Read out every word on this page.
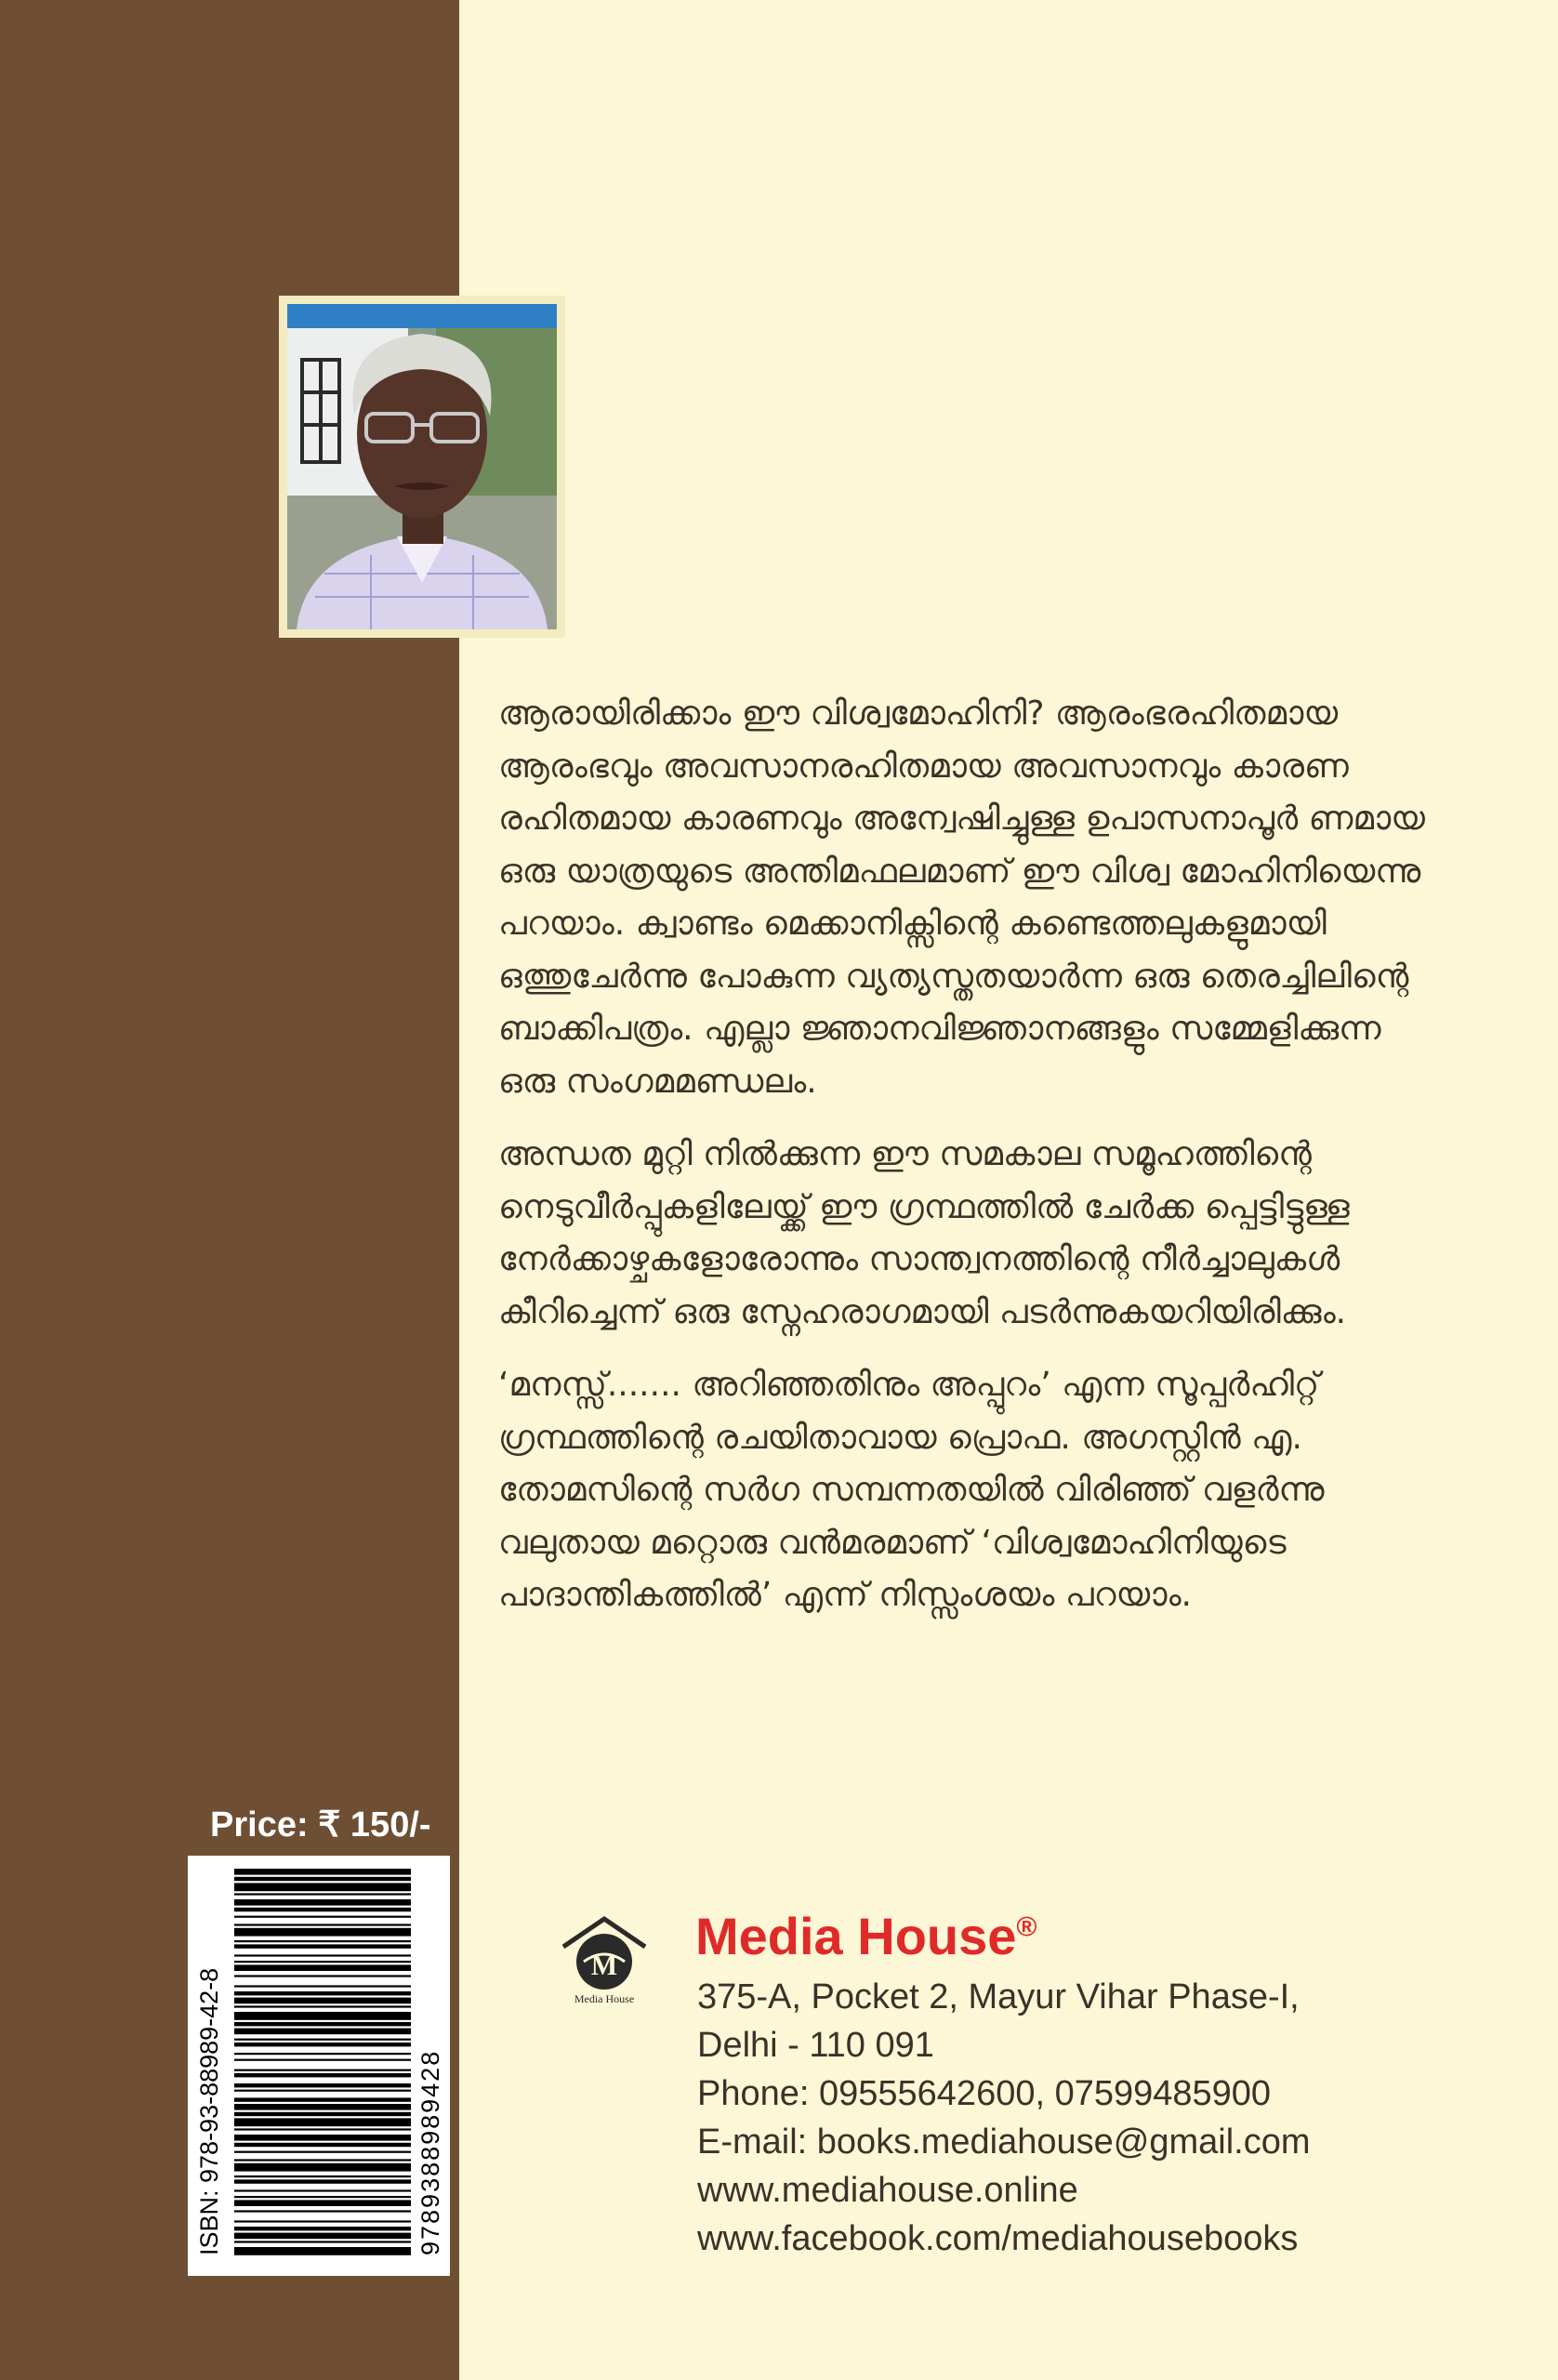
ആരായിരിക്കാം ഈ വിശ്വമോഹിനി? ആരംഭരഹിതമായ ആരംഭവും അവസാനരഹിതമായ അവസാനവും കാരണ രഹിതമായ കാരണവും അന്വേഷിച്ചുള്ള ഉപാസനാപൂർ ണമായ ഒരു യാത്രയുടെ അന്തിമഫലമാണ് ഈ വിശ്വ മോഹിനിയെന്നു പറയാം. ക്വാണ്ടം മെക്കാനിക്സിന്റെ കണ്ടെത്തലുകളുമായി ഒത്തുചേർന്നു പോകുന്ന വ്യത്യസ്തതയാർന്ന ഒരു തെരച്ചിലിന്റെ ബാക്കിപത്രം. എല്ലാ ജ്ഞാനവിജ്ഞാനങ്ങളും സമ്മേളിക്കുന്ന ഒരു സംഗമമണ്ഡലം.

അന്ധത മുറ്റി നിൽക്കുന്ന ഈ സമകാല സമൂഹത്തിന്റെ നെടുവീർപ്പുകളിലേയ്ക്ക് ഈ ഗ്രന്ഥത്തിൽ ചേർക്ക പ്പെട്ടിട്ടുള്ള നേർക്കാഴ്ചകളോരോന്നും സാന്ത്വനത്തിന്റെ നീർച്ചാലുകൾ കീറിച്ചെന്ന് ഒരു സ്നേഹരാഗമായി പടർന്നുകയറിയിരിക്കും.

‘മനസ്സ്....... അറിഞ്ഞതിനും അപ്പുറം’ എന്ന സൂപ്പർഹിറ്റ് ഗ്രന്ഥത്തിന്റെ രചയിതാവായ പ്രൊഫ. അഗസ്റ്റിൻ എ. തോമസിന്റെ സർഗ സമ്പന്നതയിൽ വിരിഞ്ഞ് വളർന്നു വലുതായ മറ്റൊരു വൻമരമാണ് ‘വിശ്വമോഹിനിയുടെ പാദാന്തികത്തിൽ’ എന്ന് നിസ്സംശയം പറയാം.

Price: ₹ 150/-
ISBN: 978-93-88989-42-8	9789388989428
M
Media House
Media House®
375-A, Pocket 2, Mayur Vihar Phase-I,
Delhi - 110 091
Phone: 09555642600, 07599485900
E-mail: books.mediahouse@gmail.com
www.mediahouse.online
www.facebook.com/mediahousebooks
